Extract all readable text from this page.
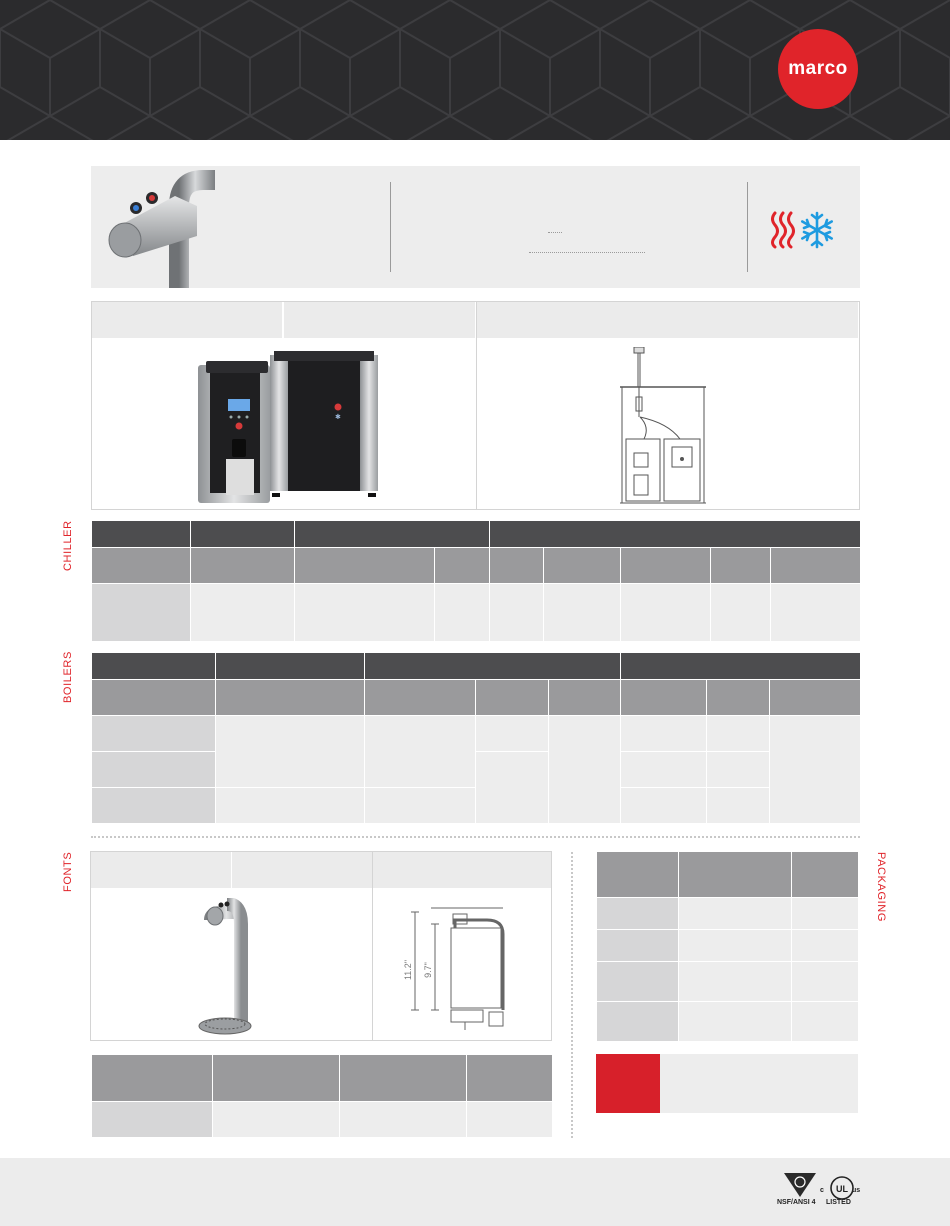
marco
✱
CHILLER
BOILERS
FONTS	PACKAGING

11.2" 9.7"

NSF/ANSI 4
UL
c	us
LISTED
